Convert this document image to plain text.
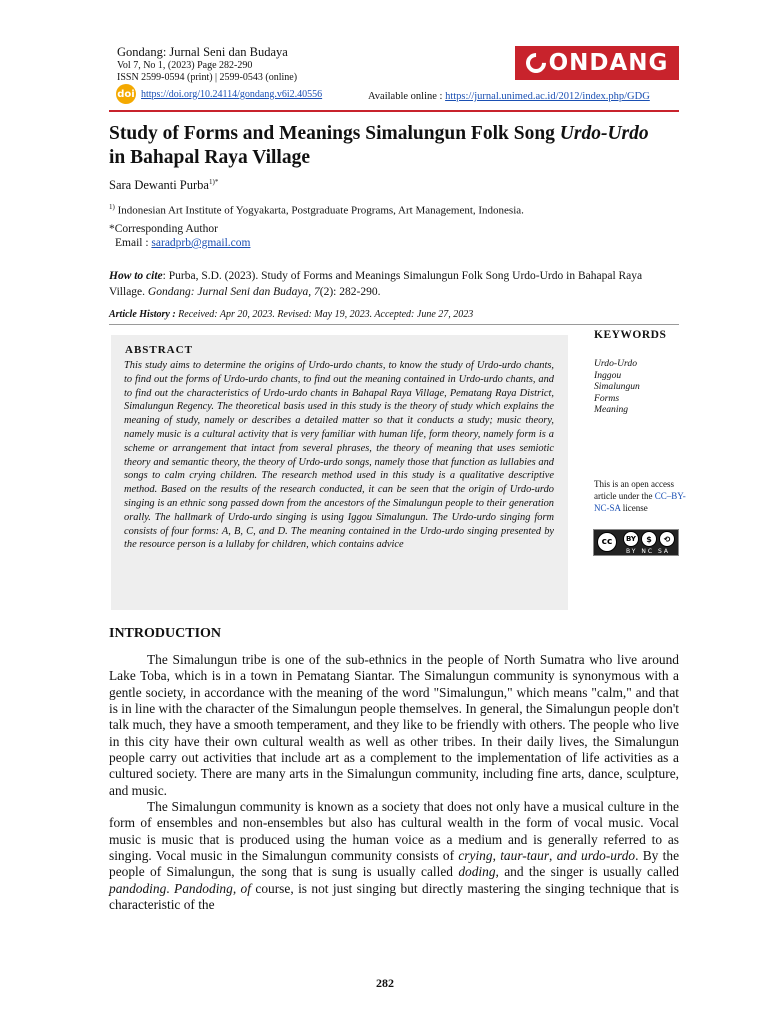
Gondang: Jurnal Seni dan Budaya
Vol 7, No 1, (2023) Page 282-290
ISSN 2599-0594 (print) | 2599-0543 (online)
doi https://doi.org/10.24114/gondang.v6i2.40556	Available online : https://jurnal.unimed.ac.id/2012/index.php/GDG
ONDANG
Study of Forms and Meanings Simalungun Folk Song Urdo-Urdo in Bahapal Raya Village
Sara Dewanti Purba$^{1)*}$
$^{1)}$ Indonesian Art Institute of Yogyakarta, Postgraduate Programs, Art Management, Indonesia.
*Corresponding Author
Email : saradprb@gmail.com
How to cite: Purba, S.D. (2023). Study of Forms and Meanings Simalungun Folk Song Urdo-Urdo in Bahapal Raya Village. Gondang: Jurnal Seni dan Budaya, 7(2): 282-290.
Article History : Received: Apr 20, 2023. Revised: May 19, 2023. Accepted: June 27, 2023
ABSTRACT
This study aims to determine the origins of Urdo-urdo chants, to know the study of Urdo-urdo chants, to find out the forms of Urdo-urdo chants, to find out the meaning contained in Urdo-urdo chants, and to find out the characteristics of Urdo-urdo chants in Bahapal Raya Village, Pematang Raya District, Simalungun Regency. The theoretical basis used in this study is the theory of study which explains the meaning of study, namely or describes a detailed matter so that it conducts a study; music theory, namely music is a cultural activity that is very familiar with human life, form theory, namely form is a scheme or arrangement that intact from several phrases, the theory of meaning that uses semiotic theory and semantic theory, the theory of Urdo-urdo songs, namely those that function as lullabies and songs to calm crying children. The research method used in this study is a qualitative descriptive method. Based on the results of the research conducted, it can be seen that the origin of Urdo-urdo singing is an ethnic song passed down from the ancestors of the Simalungun people to their generation orally. The hallmark of Urdo-urdo singing is using Iggou Simalungun. The Urdo-urdo singing form consists of four forms: A, B, C, and D. The meaning contained in the Urdo-urdo singing presented by the resource person is a lullaby for children, which contains advice
KEYWORDS
Urdo-Urdo
Inggou
Simalungun
Forms
Meaning
This is an open access article under the CC–BY-NC-SA license
cc	BY	$	⟲
BY NC SA
INTRODUCTION

The Simalungun tribe is one of the sub-ethnics in the people of North Sumatra who live around Lake Toba, which is in a town in Pematang Siantar. The Simalungun community is synonymous with a gentle society, in accordance with the meaning of the word "Simalungun," which means "calm," and that is in line with the character of the Simalungun people themselves. In general, the Simalungun people don't talk much, they have a smooth temperament, and they like to be friendly with others. The people who live in this city have their own cultural wealth as well as other tribes. In their daily lives, the Simalungun people carry out activities that include art as a complement to the implementation of life activities as a cultured society. There are many arts in the Simalungun community, including fine arts, dance, sculpture, and music.

The Simalungun community is known as a society that does not only have a musical culture in the form of ensembles and non-ensembles but also has cultural wealth in the form of vocal music. Vocal music is music that is produced using the human voice as a medium and is generally referred to as singing. Vocal music in the Simalungun community consists of crying, taur-taur, and urdo-urdo. By the people of Simalungun, the song that is sung is usually called doding, and the singer is usually called pandoding. Pandoding, of course, is not just singing but directly mastering the singing technique that is characteristic of the

282
